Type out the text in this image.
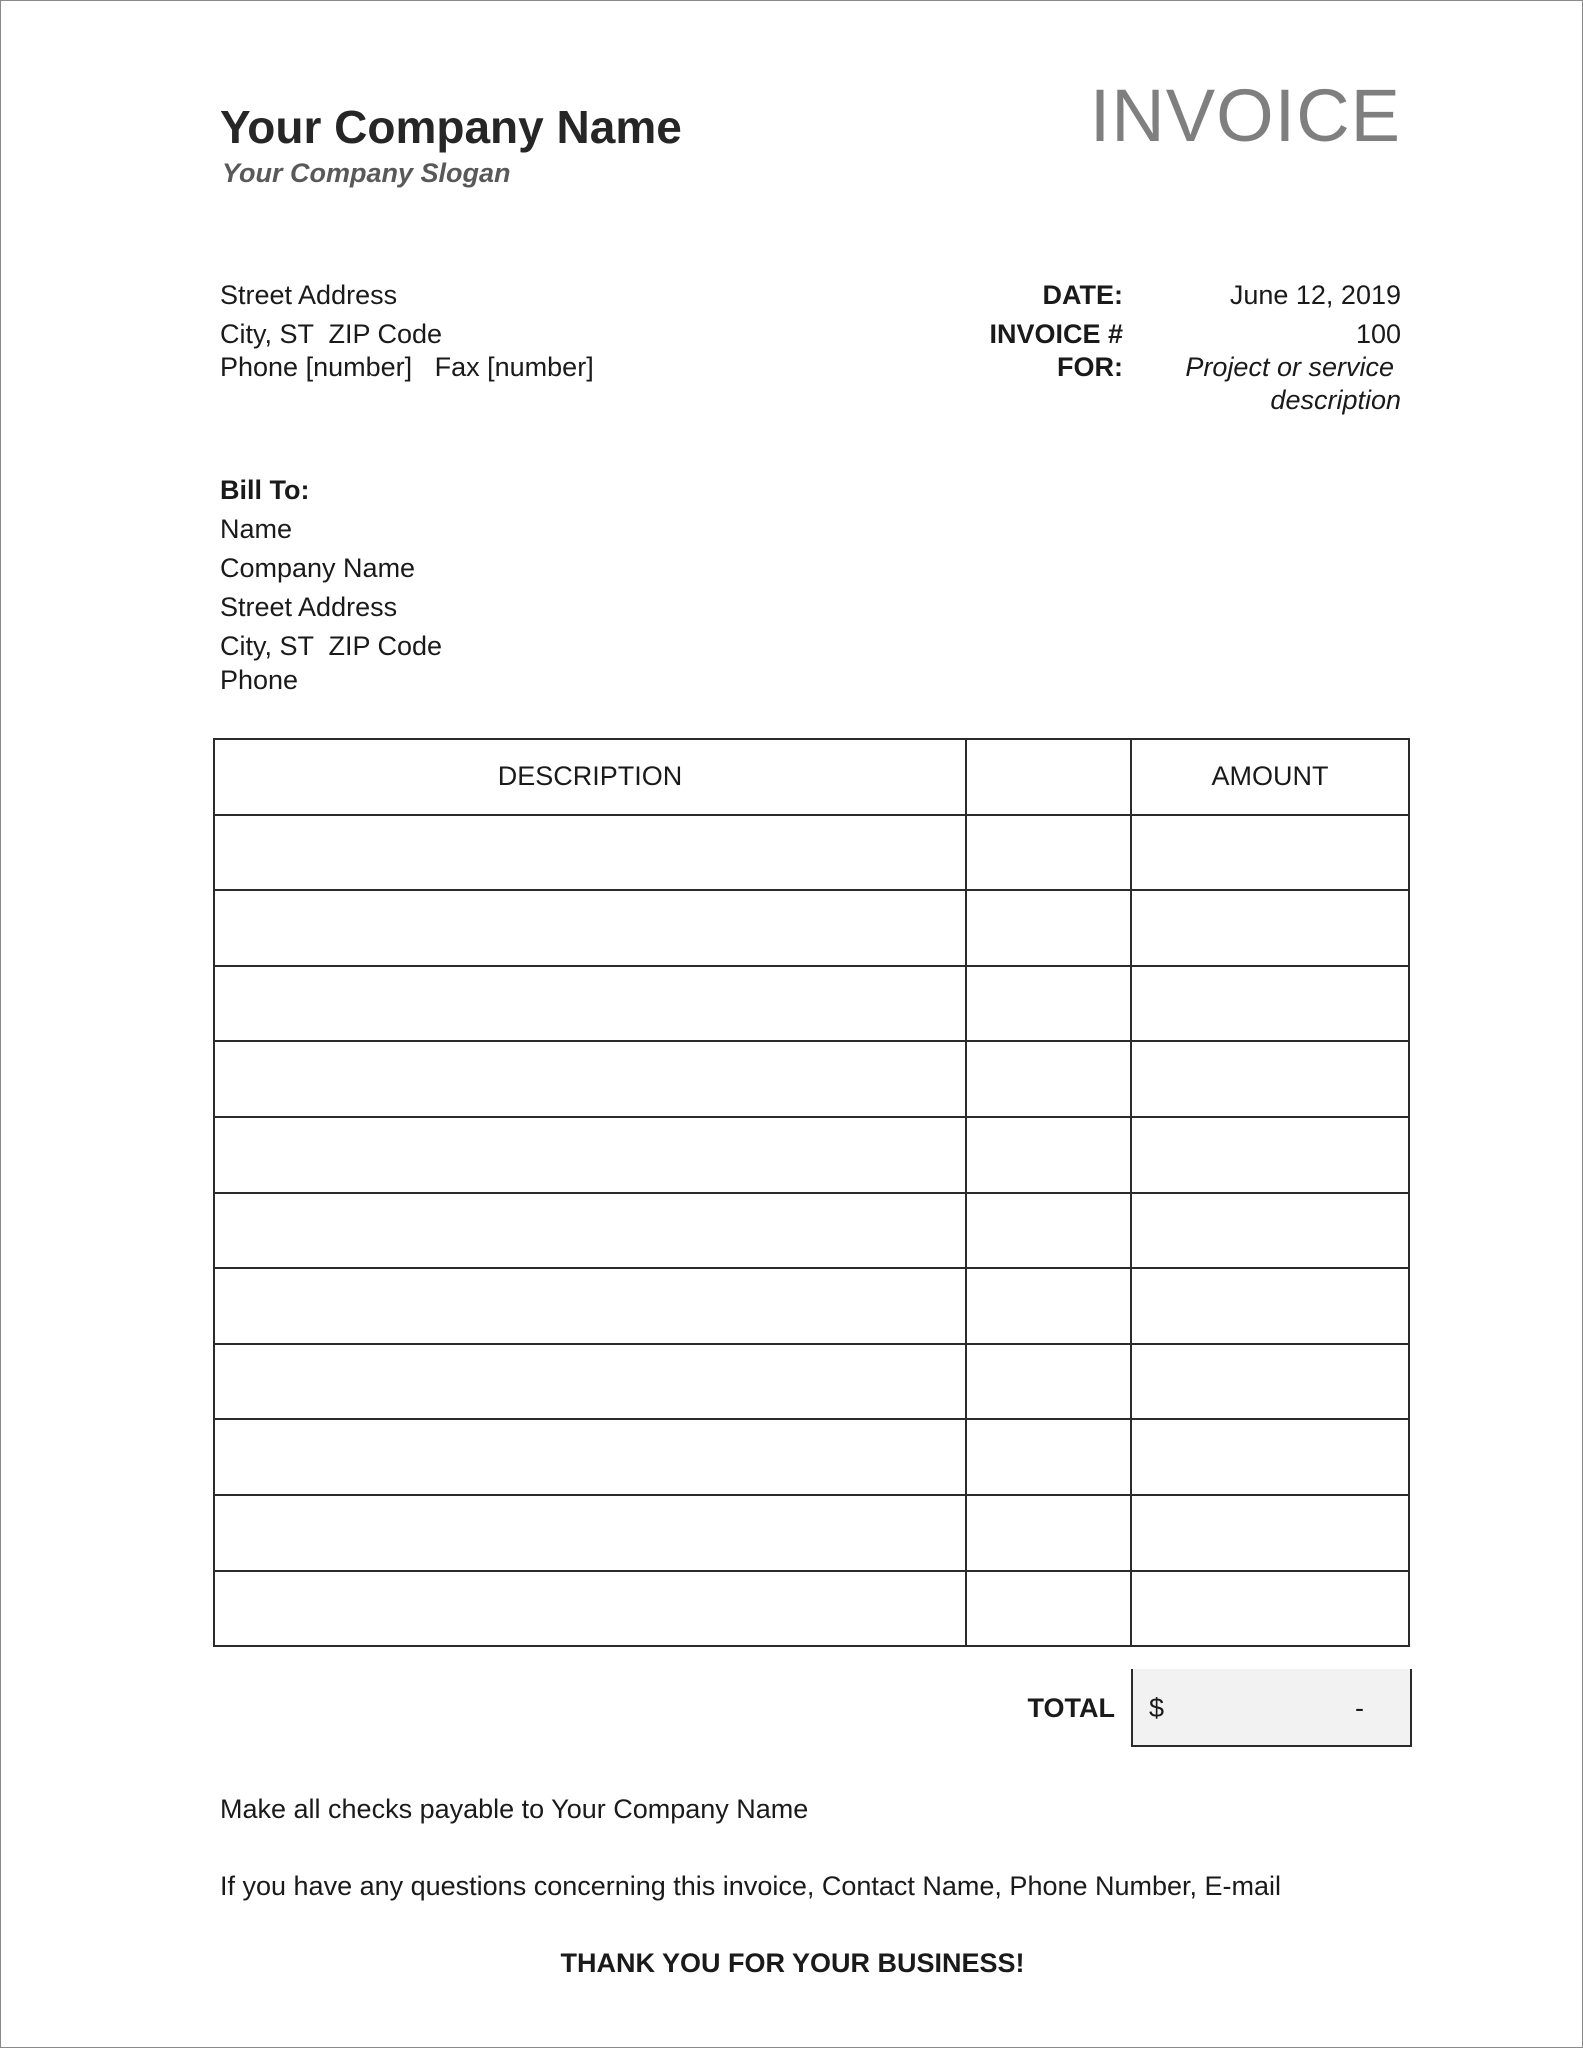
Your Company Name
Your Company Slogan
INVOICE
Street Address
City, ST  ZIP Code
Phone [number]   Fax [number]
DATE:	June 12, 2019
INVOICE #	100
FOR: Project or service
description
Bill To:
Name
Company Name
Street Address
City, ST  ZIP Code
Phone
DESCRIPTION		AMOUNT

TOTAL $	-
Make all checks payable to Your Company Name
If you have any questions concerning this invoice, Contact Name, Phone Number, E-mail
THANK YOU FOR YOUR BUSINESS!
